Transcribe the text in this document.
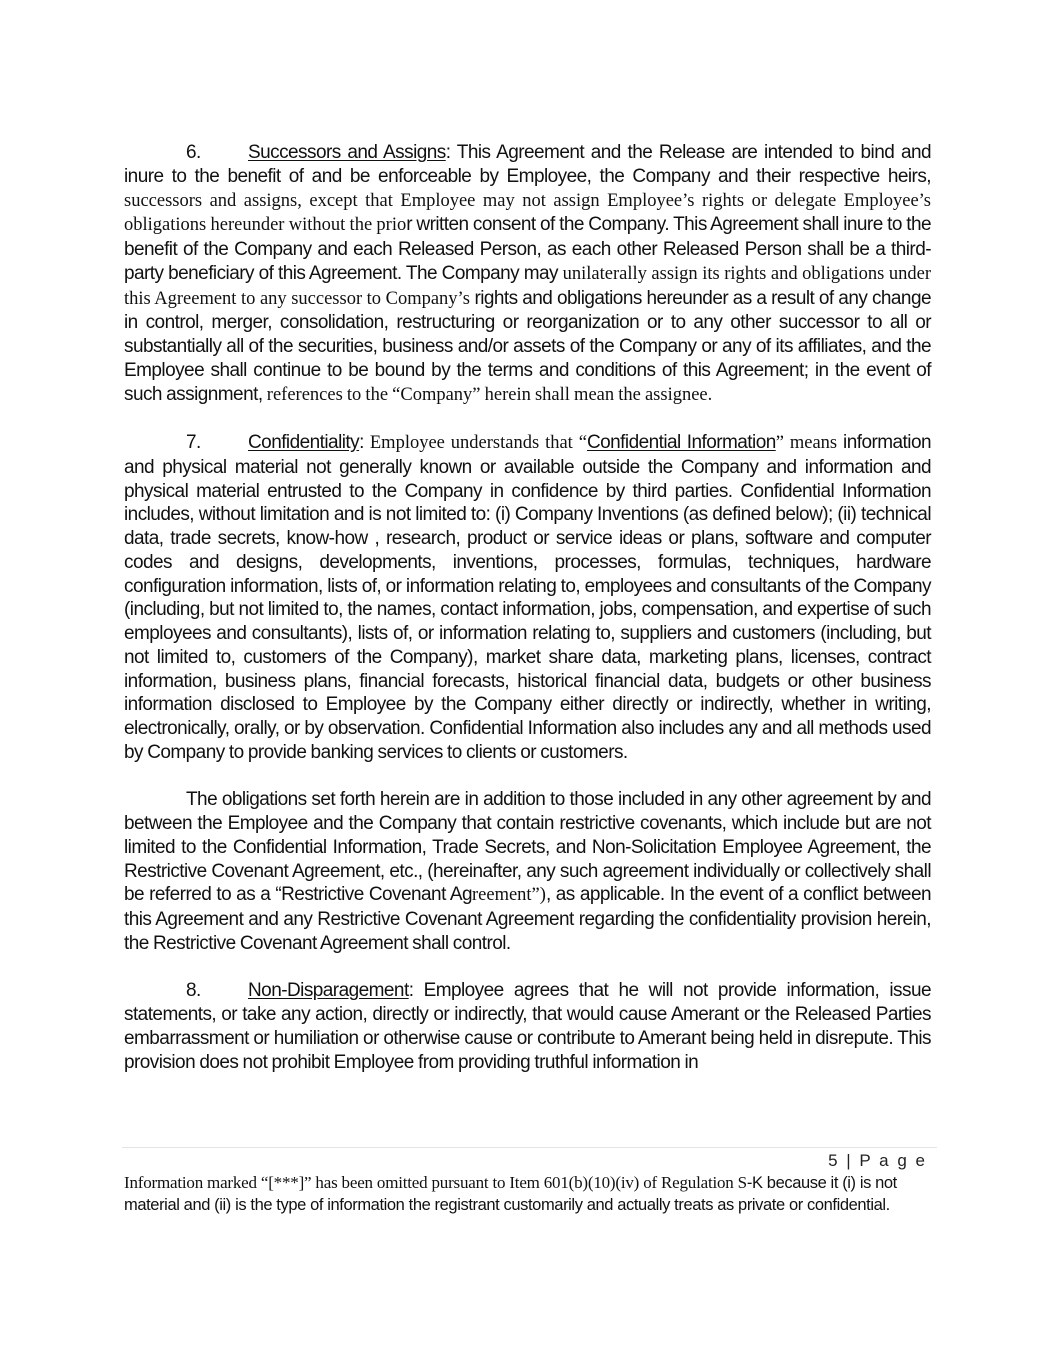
6. Successors and Assigns: This Agreement and the Release are intended to bind and inure to the benefit of and be enforceable by Employee, the Company and their respective heirs, successors and assigns, except that Employee may not assign Employee’s rights or delegate Employee’s obligations hereunder without the prior written consent of the Company. This Agreement shall inure to the benefit of the Company and each Released Person, as each other Released Person shall be a third-party beneficiary of this Agreement. The Company may unilaterally assign its rights and obligations under this Agreement to any successor to Company’s rights and obligations hereunder as a result of any change in control, merger, consolidation, restructuring or reorganization or to any other successor to all or substantially all of the securities, business and/or assets of the Company or any of its affiliates, and the Employee shall continue to be bound by the terms and conditions of this Agreement; in the event of such assignment, references to the “Company” herein shall mean the assignee.

7. Confidentiality: Employee understands that “Confidential Information” means information and physical material not generally known or available outside the Company and information and physical material entrusted to the Company in confidence by third parties. Confidential Information includes, without limitation and is not limited to: (i) Company Inventions (as defined below); (ii) technical data, trade secrets, know-how , research, product or service ideas or plans, software and computer codes and designs, developments, inventions, processes, formulas, techniques, hardware configuration information, lists of, or information relating to, employees and consultants of the Company (including, but not limited to, the names, contact information, jobs, compensation, and expertise of such employees and consultants), lists of, or information relating to, suppliers and customers (including, but not limited to, customers of the Company), market share data, marketing plans, licenses, contract information, business plans, financial forecasts, historical financial data, budgets or other business information disclosed to Employee by the Company either directly or indirectly, whether in writing, electronically, orally, or by observation. Confidential Information also includes any and all methods used by Company to provide banking services to clients or customers.

The obligations set forth herein are in addition to those included in any other agreement by and between the Employee and the Company that contain restrictive covenants, which include but are not limited to the Confidential Information, Trade Secrets, and Non-Solicitation Employee Agreement, the Restrictive Covenant Agreement, etc., (hereinafter, any such agreement individually or collectively shall be referred to as a “Restrictive Covenant Agreement”), as applicable. In the event of a conflict between this Agreement and any Restrictive Covenant Agreement regarding the confidentiality provision herein, the Restrictive Covenant Agreement shall control.

8. Non-Disparagement: Employee agrees that he will not provide information, issue statements, or take any action, directly or indirectly, that would cause Amerant or the Released Parties embarrassment or humiliation or otherwise cause or contribute to Amerant being held in disrepute. This provision does not prohibit Employee from providing truthful information in

5 | P a g e
Information marked “[***]” has been omitted pursuant to Item 601(b)(10)(iv) of Regulation S-K because it (i) is not material and (ii) is the type of information the registrant customarily and actually treats as private or confidential.
